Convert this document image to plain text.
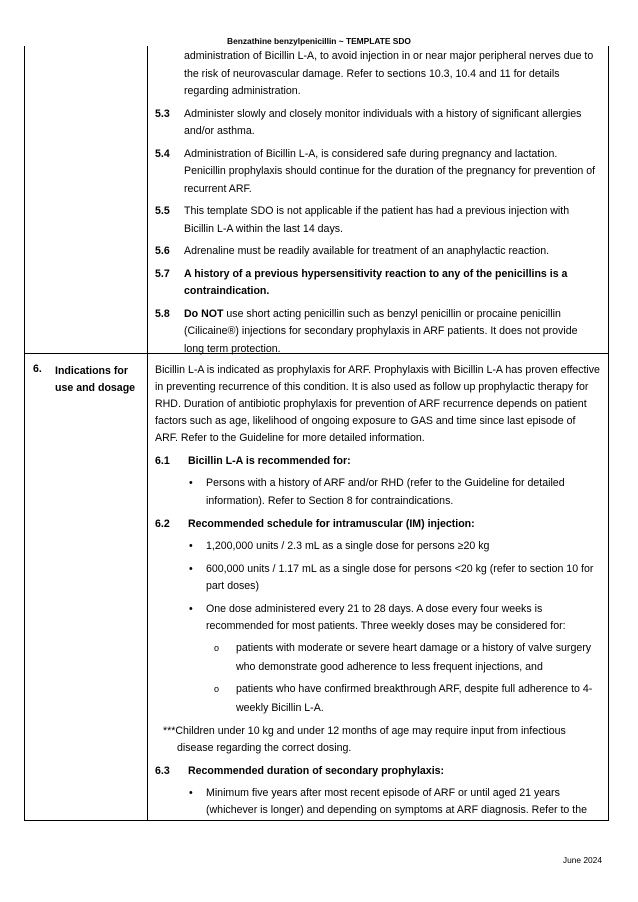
Benzathine benzylpenicillin ~ TEMPLATE SDO
administration of Bicillin L-A, to avoid injection in or near major peripheral nerves due to the risk of neurovascular damage. Refer to sections 10.3, 10.4 and 11 for details regarding administration.
5.3 Administer slowly and closely monitor individuals with a history of significant allergies and/or asthma.
5.4 Administration of Bicillin L-A, is considered safe during pregnancy and lactation. Penicillin prophylaxis should continue for the duration of the pregnancy for prevention of recurrent ARF.
5.5 This template SDO is not applicable if the patient has had a previous injection with Bicillin L-A within the last 14 days.
5.6 Adrenaline must be readily available for treatment of an anaphylactic reaction.
5.7 A history of a previous hypersensitivity reaction to any of the penicillins is a contraindication.
5.8 Do NOT use short acting penicillin such as benzyl penicillin or procaine penicillin (Cilicaine®) injections for secondary prophylaxis in ARF patients. It does not provide long term protection.
6. Indications for use and dosage
Bicillin L-A is indicated as prophylaxis for ARF. Prophylaxis with Bicillin L-A has proven effective in preventing recurrence of this condition. It is also used as follow up prophylactic therapy for RHD. Duration of antibiotic prophylaxis for prevention of ARF recurrence depends on patient factors such as age, likelihood of ongoing exposure to GAS and time since last episode of ARF. Refer to the Guideline for more detailed information.
6.1 Bicillin L-A is recommended for:
• Persons with a history of ARF and/or RHD (refer to the Guideline for detailed information). Refer to Section 8 for contraindications.
6.2 Recommended schedule for intramuscular (IM) injection:
• 1,200,000 units / 2.3 mL as a single dose for persons ≥20 kg
• 600,000 units / 1.17 mL as a single dose for persons <20 kg (refer to section 10 for part doses)
• One dose administered every 21 to 28 days. A dose every four weeks is recommended for most patients. Three weekly doses may be considered for:
o patients with moderate or severe heart damage or a history of valve surgery who demonstrate good adherence to less frequent injections, and
o patients who have confirmed breakthrough ARF, despite full adherence to 4-weekly Bicillin L-A.
***Children under 10 kg and under 12 months of age may require input from infectious
disease regarding the correct dosing.
6.3 Recommended duration of secondary prophylaxis:
• Minimum five years after most recent episode of ARF or until aged 21 years (whichever is longer) and depending on symptoms at ARF diagnosis. Refer to the
June 2024
